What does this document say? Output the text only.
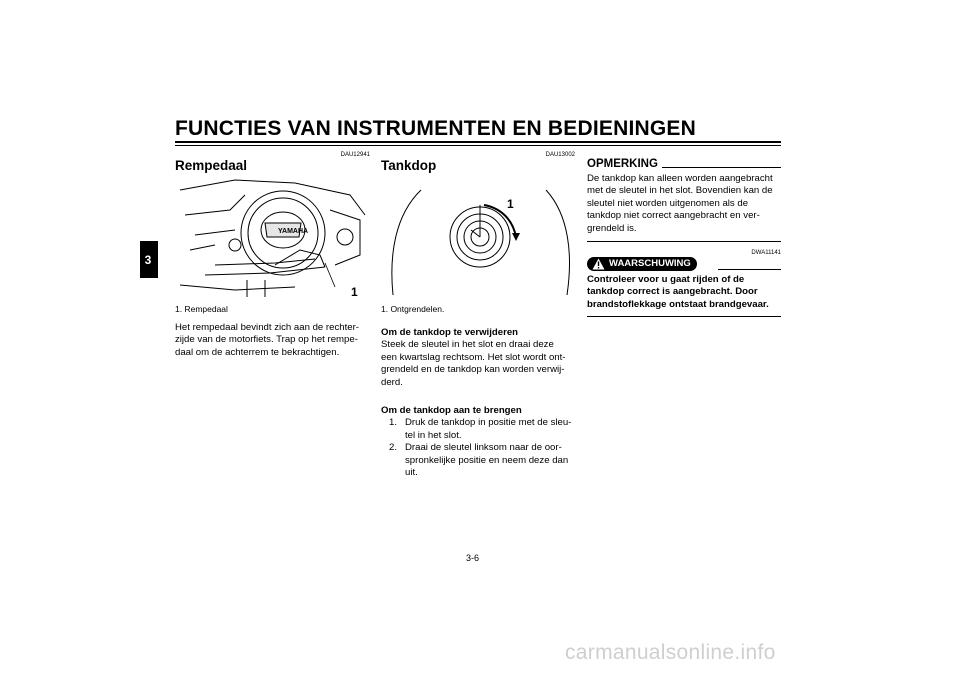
FUNCTIES VAN INSTRUMENTEN EN BEDIENINGEN
3
DAU12941
Rempedaal
YAMAHA
1
1. Rempedaal
Het rempedaal bevindt zich aan de rechter-
zijde van de motorfiets. Trap op het rempe-
daal om de achterrem te bekrachtigen.
DAU13002
Tankdop
1
1. Ontgrendelen.
Om de tankdop te verwijderen
Steek de sleutel in het slot en draai deze
een kwartslag rechtsom. Het slot wordt ont-
grendeld en de tankdop kan worden verwij-
derd.
Om de tankdop aan te brengen
1. Druk de tankdop in positie met de sleu-
tel in het slot.
2. Draai de sleutel linksom naar de oor-
spronkelijke positie en neem deze dan
uit.
OPMERKING
De tankdop kan alleen worden aangebracht
met de sleutel in het slot. Bovendien kan de
sleutel niet worden uitgenomen als de
tankdop niet correct aangebracht en ver-
grendeld is.
DWA11141
WAARSCHUWING
Controleer voor u gaat rijden of de
tankdop correct is aangebracht. Door
brandstoflekkage ontstaat brandgevaar.
3-6
carmanualsonline.info
